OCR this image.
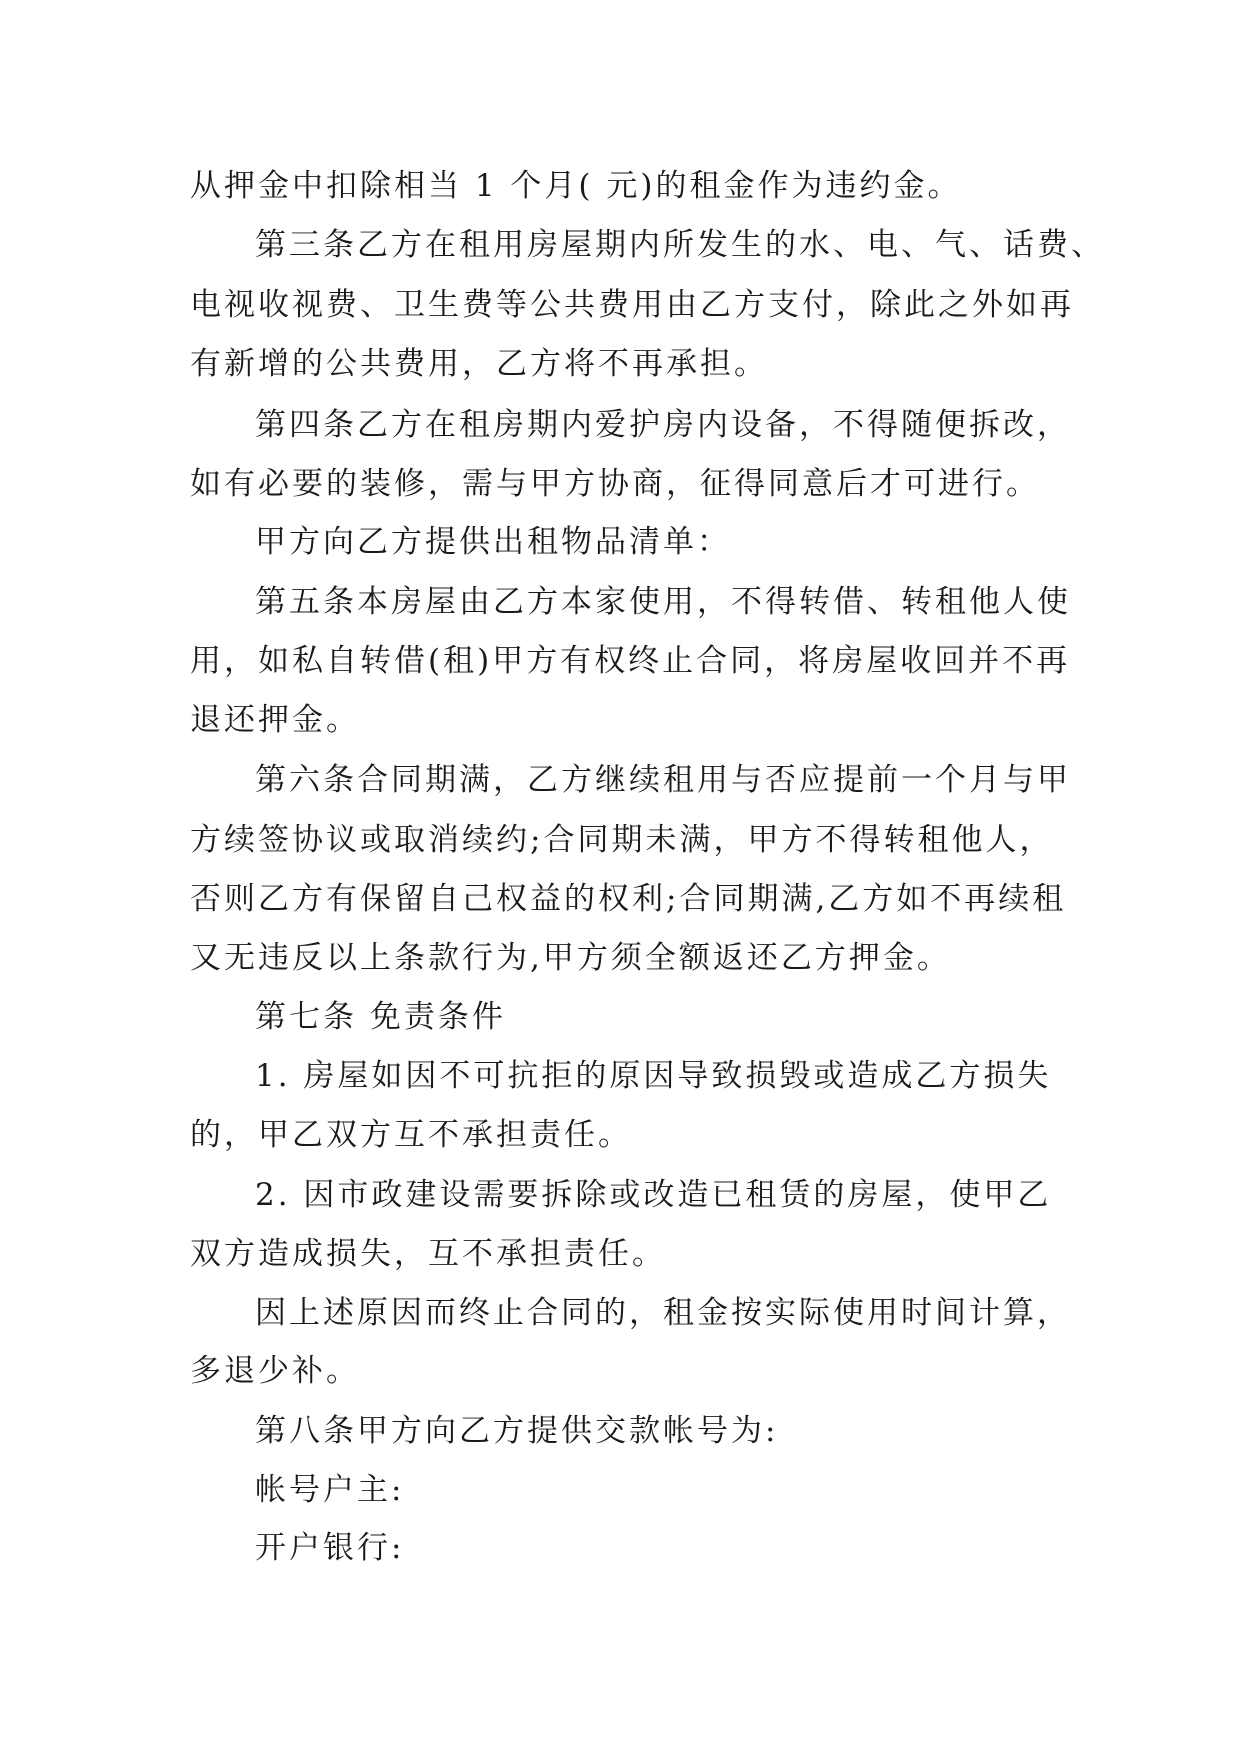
从押金中扣除相当 1 个月( 元)的租金作为违约金。
第三条乙方在租用房屋期内所发生的水、电、气、话费、
电视收视费、卫生费等公共费用由乙方支付，除此之外如再
有新增的公共费用，乙方将不再承担。
第四条乙方在租房期内爱护房内设备，不得随便拆改，
如有必要的装修，需与甲方协商，征得同意后才可进行。
甲方向乙方提供出租物品清单：
第五条本房屋由乙方本家使用，不得转借、转租他人使
用，如私自转借(租)甲方有权终止合同，将房屋收回并不再
退还押金。
第六条合同期满，乙方继续租用与否应提前一个月与甲
方续签协议或取消续约;合同期未满，甲方不得转租他人，
否则乙方有保留自己权益的权利;合同期满,乙方如不再续租
又无违反以上条款行为,甲方须全额返还乙方押金。
第七条 免责条件
1. 房屋如因不可抗拒的原因导致损毁或造成乙方损失
的，甲乙双方互不承担责任。
2. 因市政建设需要拆除或改造已租赁的房屋，使甲乙
双方造成损失，互不承担责任。
因上述原因而终止合同的，租金按实际使用时间计算，
多退少补。
第八条甲方向乙方提供交款帐号为:
帐号户主:
开户银行:
